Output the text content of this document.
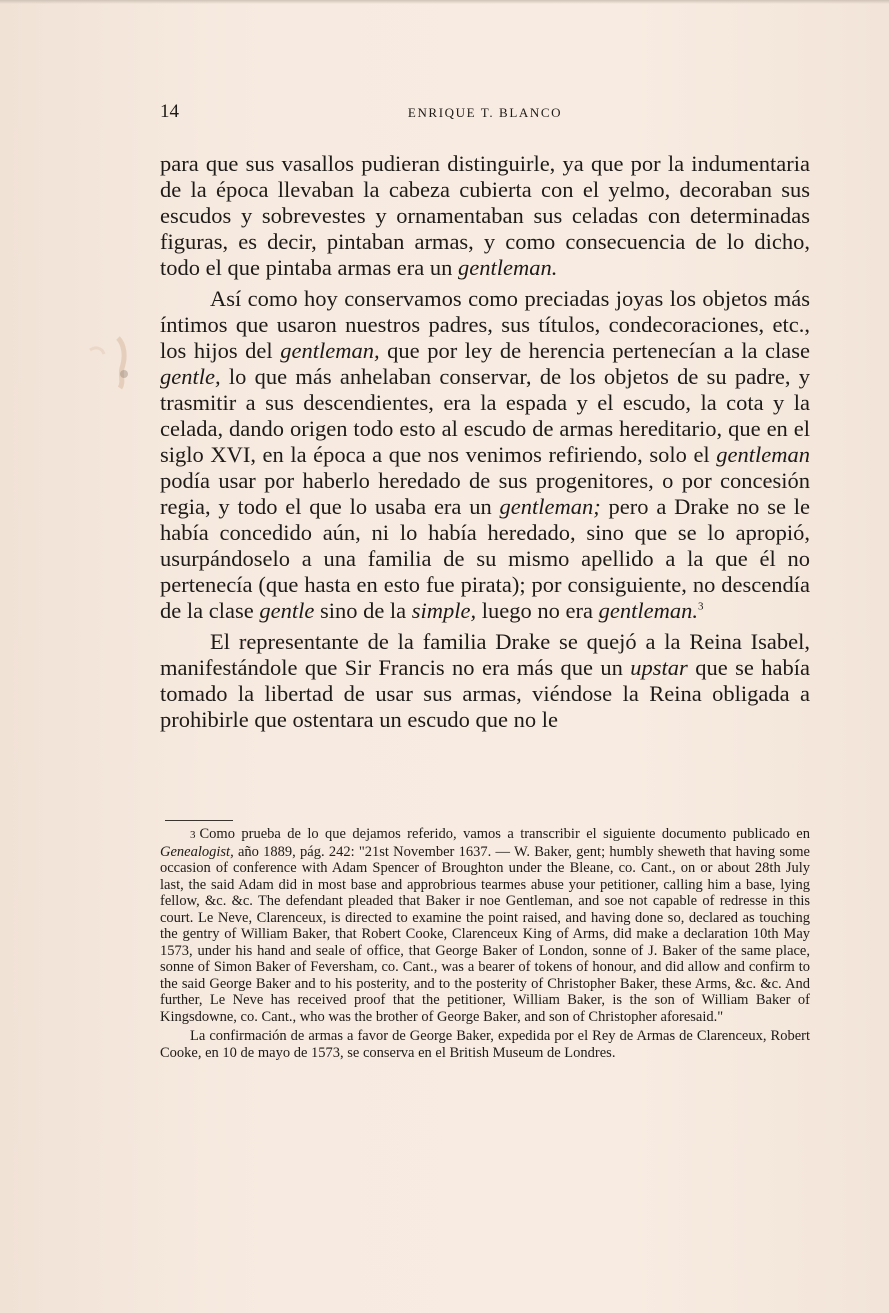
14	ENRIQUE T. BLANCO

para que sus vasallos pudieran distinguirle, ya que por la indumentaria de la época llevaban la cabeza cubierta con el yelmo, decoraban sus escudos y sobrevestes y ornamentaban sus celadas con determinadas figuras, es decir, pintaban armas, y como consecuencia de lo dicho, todo el que pintaba armas era un gentleman.

Así como hoy conservamos como preciadas joyas los objetos más íntimos que usaron nuestros padres, sus títulos, condecoraciones, etc., los hijos del gentleman, que por ley de herencia pertenecían a la clase gentle, lo que más anhelaban conservar, de los objetos de su padre, y trasmitir a sus descendientes, era la espada y el escudo, la cota y la celada, dando origen todo esto al escudo de armas hereditario, que en el siglo XVI, en la época a que nos venimos refiriendo, solo el gentleman podía usar por haberlo heredado de sus progenitores, o por concesión regia, y todo el que lo usaba era un gentleman; pero a Drake no se le había concedido aún, ni lo había heredado, sino que se lo apropió, usurpándoselo a una familia de su mismo apellido a la que él no pertenecía (que hasta en esto fue pirata); por consiguiente, no descendía de la clase gentle sino de la simple, luego no era gentleman.$^3$

El representante de la familia Drake se quejó a la Reina Isabel, manifestándole que Sir Francis no era más que un upstar que se había tomado la libertad de usar sus armas, viéndose la Reina obligada a prohibirle que ostentara un escudo que no le

3 Como prueba de lo que dejamos referido, vamos a transcribir el siguiente documento publicado en Genealogist, año 1889, pág. 242: "21st November 1637. — W. Baker, gent; humbly sheweth that having some occasion of conference with Adam Spencer of Broughton under the Bleane, co. Cant., on or about 28th July last, the said Adam did in most base and approbrious tearmes abuse your petitioner, calling him a base, lying fellow, &c. &c. The defendant pleaded that Baker ir noe Gentleman, and soe not capable of redresse in this court. Le Neve, Clarenceux, is directed to examine the point raised, and having done so, declared as touching the gentry of William Baker, that Robert Cooke, Clarenceux King of Arms, did make a declaration 10th May 1573, under his hand and seale of office, that George Baker of London, sonne of J. Baker of the same place, sonne of Simon Baker of Feversham, co. Cant., was a bearer of tokens of honour, and did allow and confirm to the said George Baker and to his posterity, and to the posterity of Christopher Baker, these Arms, &c. &c. And further, Le Neve has received proof that the petitioner, William Baker, is the son of William Baker of Kingsdowne, co. Cant., who was the brother of George Baker, and son of Christopher aforesaid."

La confirmación de armas a favor de George Baker, expedida por el Rey de Armas de Clarenceux, Robert Cooke, en 10 de mayo de 1573, se conserva en el British Museum de Londres.
